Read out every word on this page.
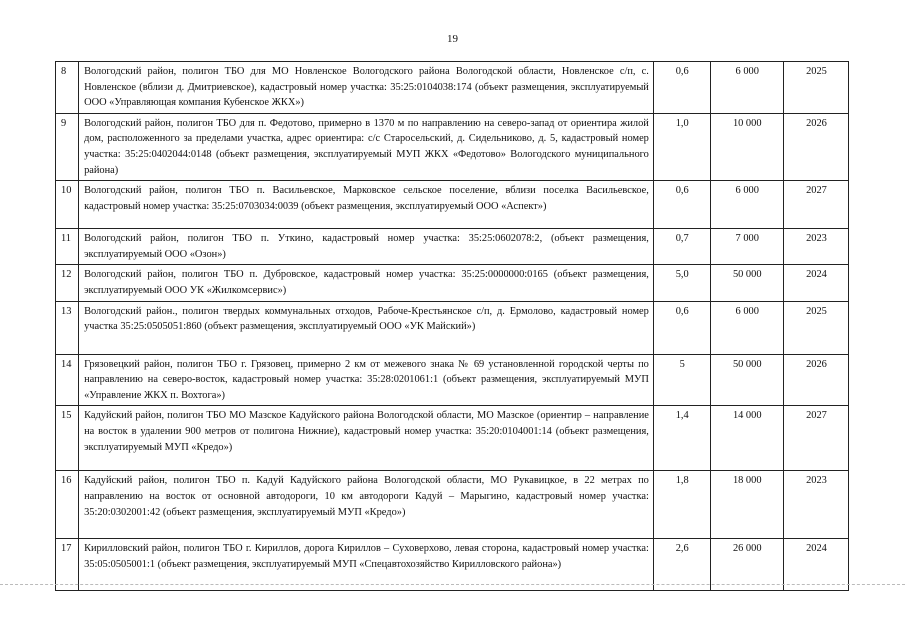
19
8	Вологодский район, полигон ТБО для МО Новленское Вологодского района Вологодской области, Новленское с/п, с. Новленское (вблизи д. Дмитриевское), кадастровый номер участка: 35:25:0104038:174 (объект размещения, эксплуатируемый ООО «Управляющая компания Кубенское ЖКХ»)	0,6	6 000	2025
9	Вологодский район, полигон ТБО для п. Федотово, примерно в 1370 м по направлению на северо-запад от ориентира жилой дом, расположенного за пределами участка, адрес ориентира: с/с Старосельский, д. Сидельниково, д. 5, кадастровый номер участка: 35:25:0402044:0148 (объект размещения, эксплуатируемый МУП ЖКХ «Федотово» Вологодского муниципального района)	1,0	10 000	2026
10	Вологодский район, полигон ТБО п. Васильевское, Марковское сельское поселение, вблизи поселка Васильевское, кадастровый номер участка: 35:25:0703034:0039 (объект размещения, эксплуатируемый ООО «Аспект»)	0,6	6 000	2027
11	Вологодский район, полигон ТБО п. Уткино, кадастровый номер участка: 35:25:0602078:2, (объект размещения, эксплуатируемый ООО «Озон»)	0,7	7 000	2023
12	Вологодский район, полигон ТБО п. Дубровское, кадастровый номер участка: 35:25:0000000:0165 (объект размещения, эксплуатируемый ООО УК «Жилкомсервис»)	5,0	50 000	2024
13	Вологодский район., полигон твердых коммунальных отходов, Рабоче-Крестьянское с/п, д. Ермолово, кадастровый номер участка 35:25:0505051:860 (объект размещения, эксплуатируемый ООО «УК Майский»)	0,6	6 000	2025
14	Грязовецкий район, полигон ТБО г. Грязовец, примерно 2 км от межевого знака № 69 установленной городской черты по направлению на северо-восток, кадастровый номер участка: 35:28:0201061:1 (объект размещения, эксплуатируемый МУП «Управление ЖКХ п. Вохтога»)	5	50 000	2026
15	Кадуйский район, полигон ТБО МО Мазское Кадуйского района Вологодской области, МО Мазское (ориентир – направление на восток в удалении 900 метров от полигона Нижние), кадастровый номер участка: 35:20:0104001:14 (объект размещения, эксплуатируемый МУП «Кредо»)	1,4	14 000	2027
16	Кадуйский район, полигон ТБО п. Кадуй Кадуйского района Вологодской области, МО Рукавицкое, в 22 метрах по направлению на восток от основной автодороги, 10 км автодороги Кадуй – Марыгино, кадастровый номер участка: 35:20:0302001:42 (объект размещения, эксплуатируемый МУП «Кредо»)	1,8	18 000	2023
17	Кирилловский район, полигон ТБО г. Кириллов, дорога Кириллов – Суховерхово, левая сторона, кадастровый номер участка: 35:05:0505001:1 (объект размещения, эксплуатируемый МУП «Спецавтохозяйство Кирилловского района»)	2,6	26 000	2024
